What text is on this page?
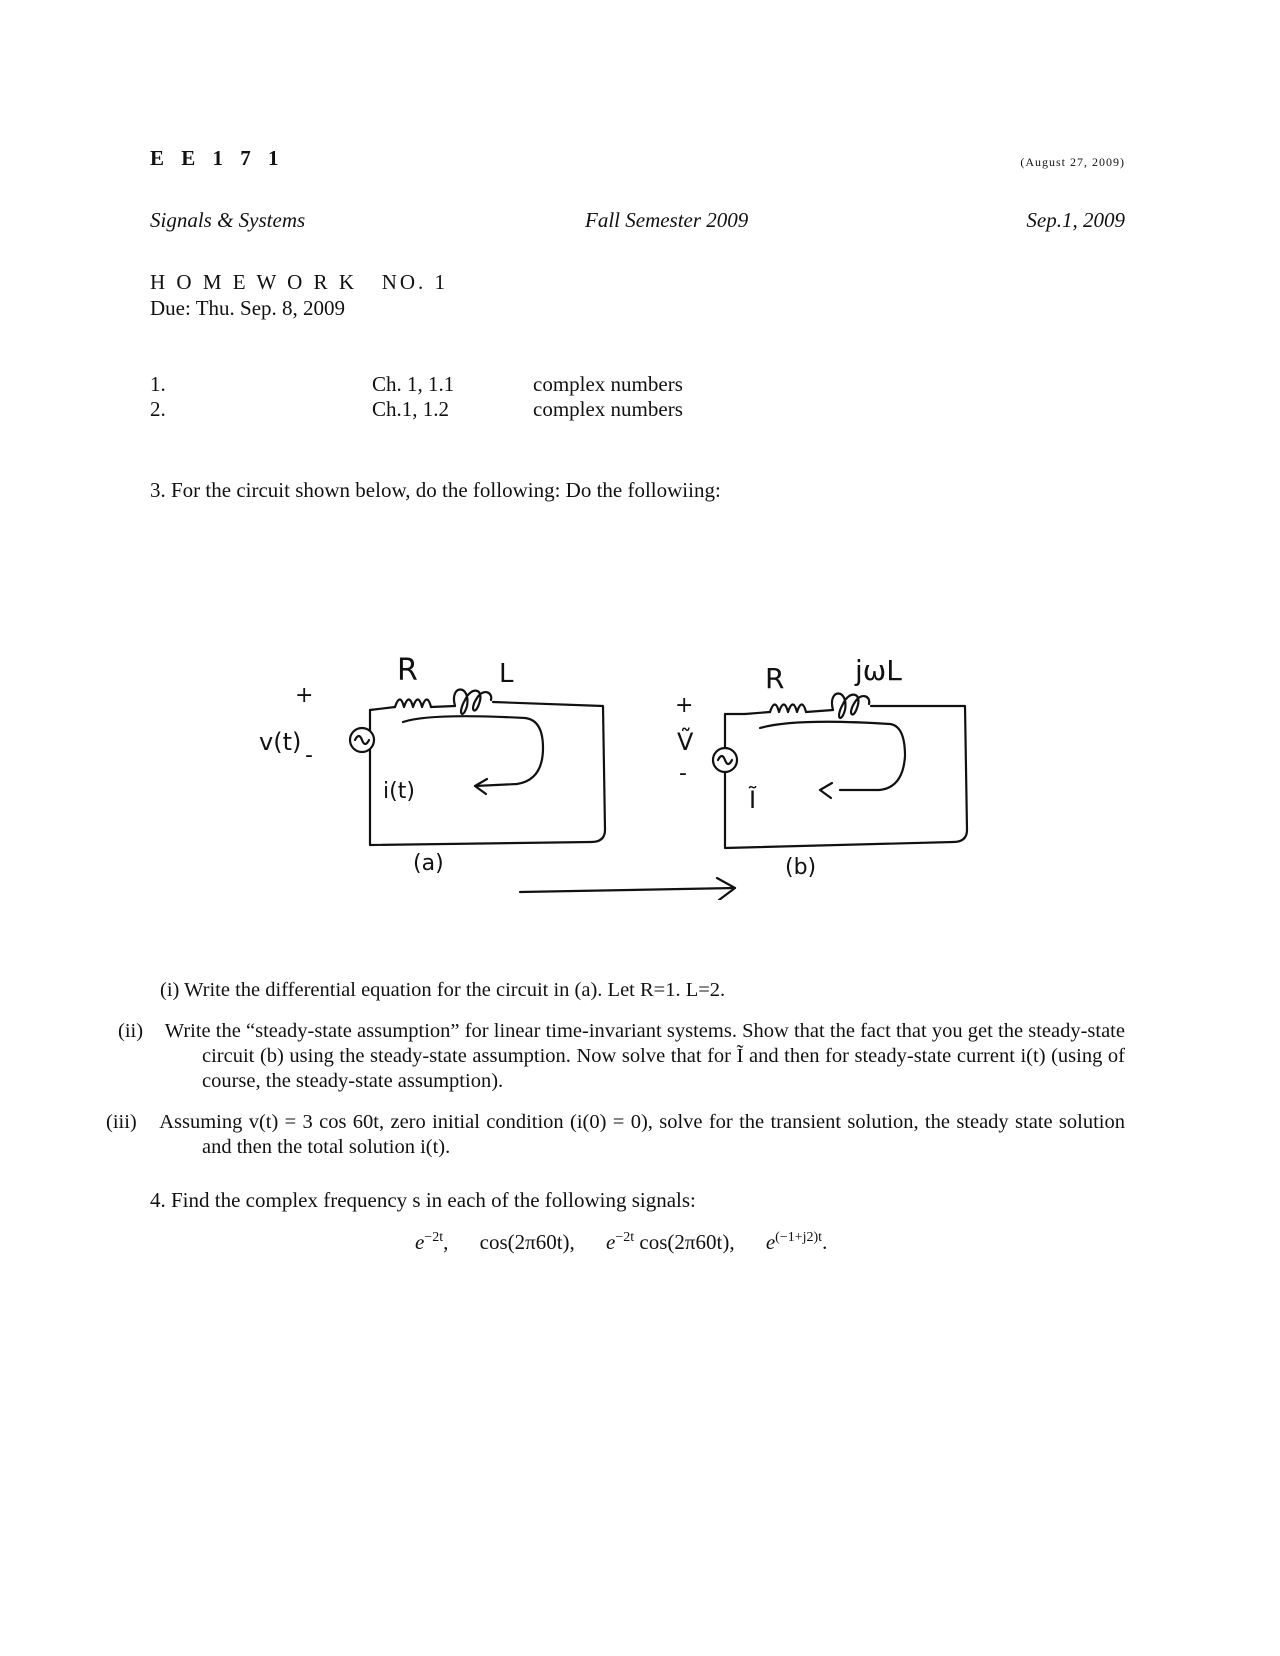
E E 1 7 1	(August 27, 2009)
Signals & Systems	Fall Semester 2009	Sep.1, 2009
H O M E W O R K   NO. 1
Due: Thu. Sep. 8, 2009
1.	Ch. 1, 1.1	complex numbers
2.	Ch.1, 1.2	complex numbers
3. For the circuit shown below, do the following: Do the followiing:
R	L
+
-
v(t)
i(t)
(a)
R	jωL
+
-
Ṽ
Ĩ
(b)
(i) Write the differential equation for the circuit in (a). Let R=1. L=2.
(ii) Write the “steady-state assumption” for linear time-invariant systems. Show that the fact that you get the steady-state circuit (b) using the steady-state assumption. Now solve that for Ĩ and then for steady-state current i(t) (using of course, the steady-state assumption).
(iii) Assuming v(t) = 3 cos 60t, zero initial condition (i(0) = 0), solve for the transient solution, the steady state solution and then the total solution i(t).
4. Find the complex frequency s in each of the following signals:
$e^{-2t}$, cos(2π60t), $e^{-2t}$ cos(2π60t), $e^{(-1+j2)t}$.
